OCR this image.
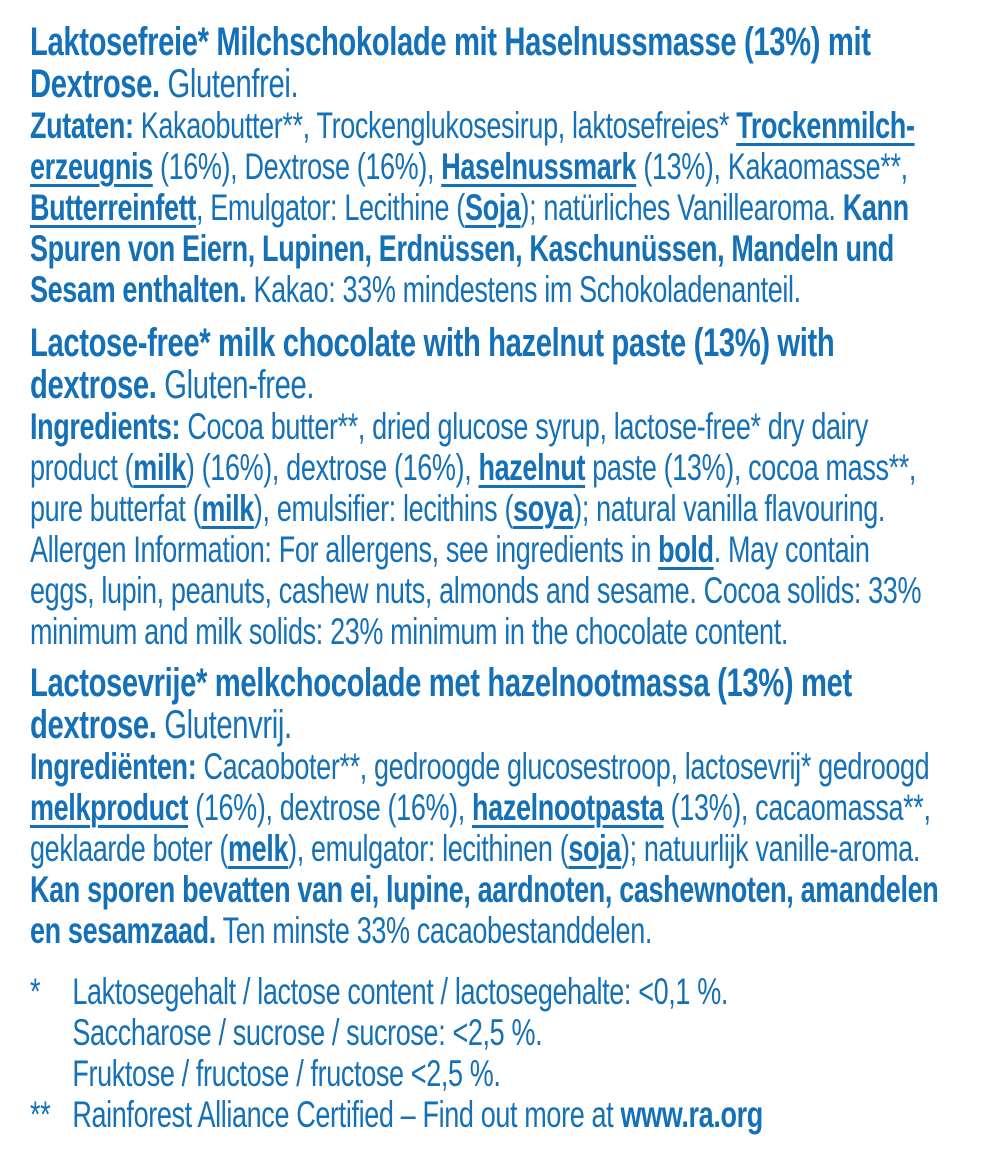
Laktosefreie* Milchschokolade mit Haselnussmasse (13%) mit
Dextrose. Glutenfrei.
Zutaten: Kakaobutter**, Trockenglukosesirup, laktosefreies* Trockenmilch-
erzeugnis (16%), Dextrose (16%), Haselnussmark (13%), Kakaomasse**,
Butterreinfett, Emulgator: Lecithine (Soja); natürliches Vanillearoma. Kann
Spuren von Eiern, Lupinen, Erdnüssen, Kaschunüssen, Mandeln und
Sesam enthalten. Kakao: 33% mindestens im Schokoladenanteil.
Lactose-free* milk chocolate with hazelnut paste (13%) with
dextrose. Gluten-free.
Ingredients: Cocoa butter**, dried glucose syrup, lactose-free* dry dairy
product (milk) (16%), dextrose (16%), hazelnut paste (13%), cocoa mass**,
pure butterfat (milk), emulsifier: lecithins (soya); natural vanilla flavouring.
Allergen Information: For allergens, see ingredients in bold. May contain
eggs, lupin, peanuts, cashew nuts, almonds and sesame. Cocoa solids: 33%
minimum and milk solids: 23% minimum in the chocolate content.
Lactosevrije* melkchocolade met hazelnootmassa (13%) met
dextrose. Glutenvrij.
Ingrediënten: Cacaoboter**, gedroogde glucosestroop, lactosevrij* gedroogd
melkproduct (16%), dextrose (16%), hazelnootpasta (13%), cacaomassa**,
geklaarde boter (melk), emulgator: lecithinen (soja); natuurlijk vanille-aroma.
Kan sporen bevatten van ei, lupine, aardnoten, cashewnoten, amandelen
en sesamzaad. Ten minste 33% cacaobestanddelen.
* Laktosegehalt / lactose content / lactosegehalte: <0,1 %.
Saccharose / sucrose / sucrose: <2,5 %.
Fruktose / fructose / fructose <2,5 %.
** Rainforest Alliance Certified – Find out more at www.ra.org
